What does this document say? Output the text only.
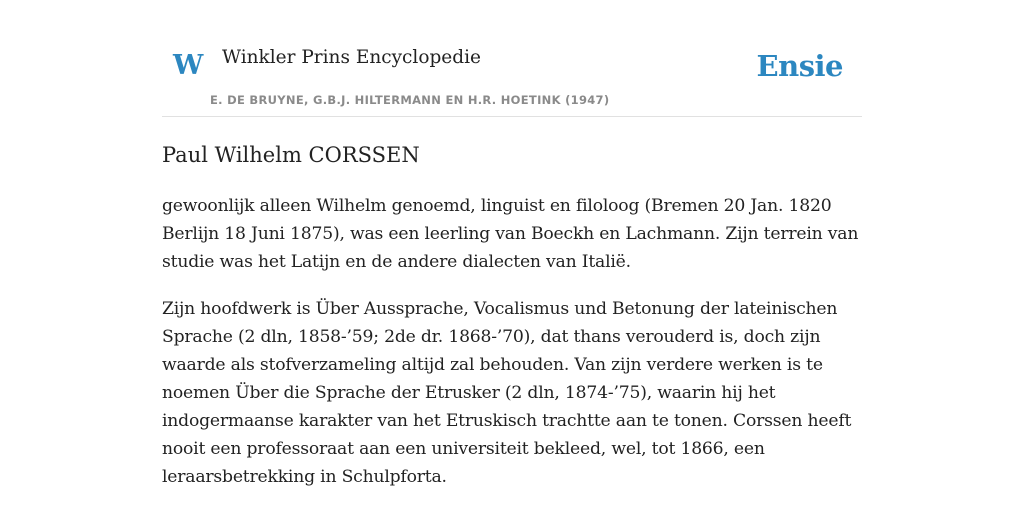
W Winkler Prins Encyclopedie
E. DE BRUYNE, G.B.J. HILTERMANN EN H.R. HOETINK (1947)
Ensie
Paul Wilhelm CORSSEN

gewoonlijk alleen Wilhelm genoemd, linguist en filoloog (Bremen 20 Jan. 1820
Berlijn 18 Juni 1875), was een leerling van Boeckh en Lachmann. Zijn terrein van
studie was het Latijn en de andere dialecten van Italië.

Zijn hoofdwerk is Über Aussprache, Vocalismus und Betonung der lateinischen
Sprache (2 dln, 1858-’59; 2de dr. 1868-’70), dat thans verouderd is, doch zijn
waarde als stofverzameling altijd zal behouden. Van zijn verdere werken is te
noemen Über die Sprache der Etrusker (2 dln, 1874-’75), waarin hij het
indogermaanse karakter van het Etruskisch trachtte aan te tonen. Corssen heeft
nooit een professoraat aan een universiteit bekleed, wel, tot 1866, een
leraarsbetrekking in Schulpforta.
